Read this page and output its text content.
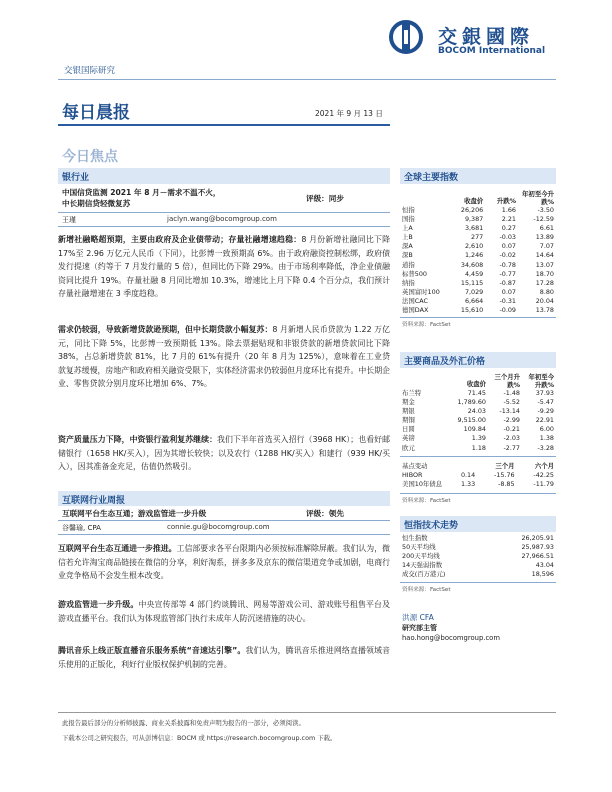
交銀國際
BOCOM International
交银国际研究
每日晨报	2021 年 9 月 13 日
今日焦点
银行业
中国信贷监测 2021 年 8 月－需求不温不火，
中长期信贷轻微复苏
评级：同步
王瑾	jaclyn.wang@bocomgroup.com
新增社融略超预期，主要由政府及企业债带动；存量社融增速趋稳：8 月份新增社融同比下降 17%至 2.96 万亿元人民币（下同），比彭博一致预期高 6%。由于政府融资控制松绑，政府债发行提速（约等于 7 月发行量的 5 倍），但同比仍下降 29%。由于市场利率降低，净企业债融资同比提升 19%。存量社融 8 月同比增加 10.3%，增速比上月下降 0.4 个百分点，我们预计存量社融增速在 3 季度趋稳。
需求仍较弱，导致新增贷款逊预期，但中长期贷款小幅复苏：8 月新增人民币贷款为 1.22 万亿元，同比下降 5%，比彭博一致预期低 13%。除去票据贴现和非银贷款的新增贷款同比下降 38%，占总新增贷款 81%，比 7 月的 61%有提升（20 年 8 月为 125%），意味着在工业贷款复苏缓慢，房地产和政府相关融资受限下，实体经济需求仍较弱但月度环比有提升。中长期企业、零售贷款分别月度环比增加 6%、7%。
资产质量压力下降，中资银行盈利复苏继续：我们下半年首选买入招行（3968 HK）；也看好邮储银行（1658 HK/买入），因为其增长较快；以及农行（1288 HK/买入）和建行（939 HK/买入），因其准备金充足，估值仍然吸引。
互联网行业周报
互联网平台生态互通；游戏监管进一步升级	评级：领先
谷馨瑜, CPA	connie.gu@bocomgroup.com
互联网平台生态互通进一步推进。工信部要求各平台限期内必须按标准解除屏蔽。我们认为，微信若允许淘宝商品链接在微信的分享，利好淘系，拼多多及京东的微信渠道竞争或加剧，电商行业竞争格局不会发生根本改变。
游戏监管进一步升级。中央宣传部等 4 部门约谈腾讯、网易等游戏公司、游戏账号租售平台及游戏直播平台。我们认为体现监管部门执行未成年人防沉迷措施的决心。
腾讯音乐上线正版直播音乐服务系统“音速达引擎”。我们认为，腾讯音乐推进网络直播领域音乐使用的正版化，利好行业版权保护机制的完善。
全球主要指数
	收盘价	升跌%	年初至今升跌%
恒指	26,206	1.66	-3.50
国指	9,387	2.21	-12.59
上A	3,681	0.27	6.61
上B	277	-0.03	13.89
深A	2,610	0.07	7.07
深B	1,246	-0.02	14.64
道指	34,608	-0.78	13.07
标普500	4,459	-0.77	18.70
纳指	15,115	-0.87	17.28
英国富时100	7,029	0.07	8.80
法国CAC	6,664	-0.31	20.04
德国DAX	15,610	-0.09	13.78
资料来源：FactSet
主要商品及外汇价格
	收盘价	三个月升跌%	年初至今升跌%
布兰特	71.45	-1.48	37.93
期金	1,789.60	-5.52	-5.47
期银	24.03	-13.14	-9.29
期铜	9,515.00	-2.99	22.91
日圆	109.84	-0.21	6.00
英镑	1.39	-2.03	1.38
欧元	1.18	-2.77	-3.28
基点变动		三个月	六个月
HIBOR	0.14	-15.76	-42.25
美国10年债息	1.33	-8.85	-11.79
资料来源：FactSet
恒指技术走势
恒生指数	26,205.91
50天平均线	25,987.93
200天平均线	27,966.51
14天强弱指数	43.04
成交(百万港元)	18,596
资料来源：FactSet
洪源 CFA
研究部主管
hao.hong@bocomgroup.com
此报告最后部分的分析师披露、商业关系披露和免责声明为报告的一部分，必须阅读。
下载本公司之研究报告，可从彭博信息：BOCM 或 https://research.bocomgroup.com 下载。
